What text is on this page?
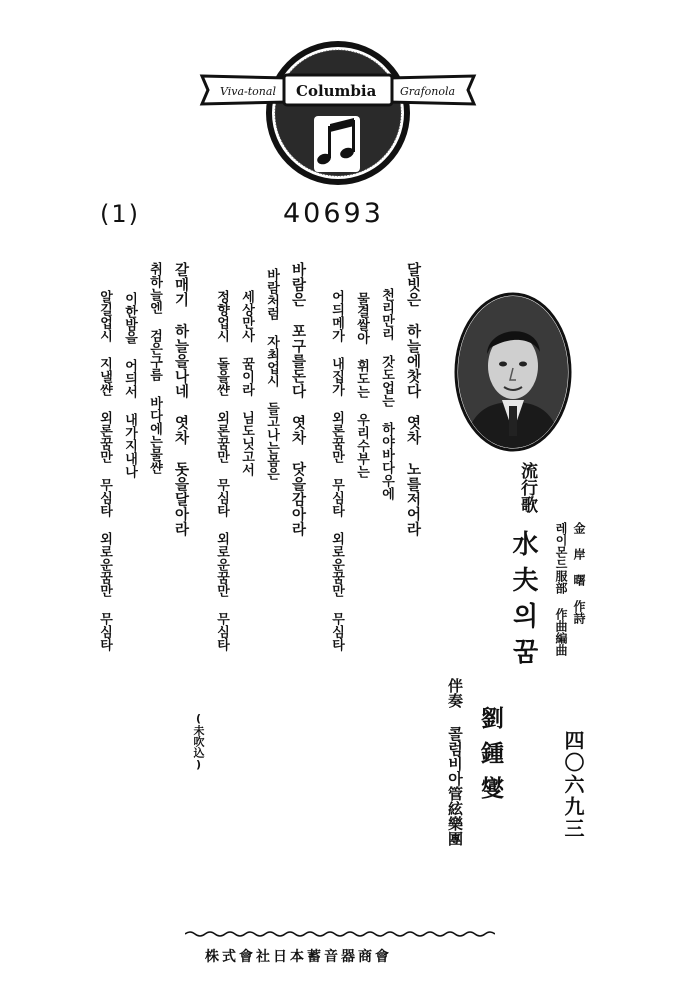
Viva-tonal Columbia Grafonola
(1)	40693
달빗은 하늘에찻다 엿차 노를저어라
천리만리 갓도업는 하야바다우에
물결쌀아 휘도는 우리수부는
어듸메가 내집가 외론꿈만 무심타 외로운꿈만 무심타
바람은 포구를돈다 엿차 닷을감아라
바람처럼 자최업시 들고나는몸은
세상만사 꿈이라 님도닛고서
정향업시 돌을쌴 외론꿈만 무심타 외로운꿈만 무심타
(未吹込)
갈매기 하늘을나네 엿차 돗을달아라
취하늘엔 검은구름 바다에는물쌴
이한밤을 어듸서 내가지내나
알길업시 지낼쌴 외론꿈만 무심타 외로운꿈만 무심타	流行歌
水夫의꿈	金 岸 曙 作詩
레이몬드服部 作曲編曲
劉鍾燮
伴奏 콜럼비아管絃樂團	四〇六九三
株式會社日本蓄音器商會
